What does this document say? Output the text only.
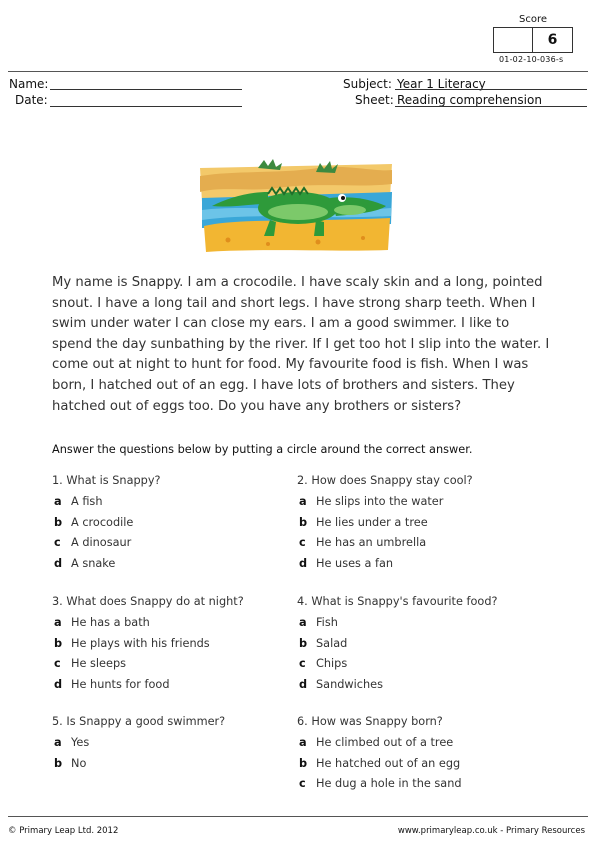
Score
6
01-02-10-036-s
Name:
Date:
Subject: Year 1 Literacy
Sheet: Reading comprehension
My name is Snappy. I am a crocodile. I have scaly skin and a long, pointed snout. I have a long tail and short legs. I have strong sharp teeth. When I swim under water I can close my ears. I am a good swimmer. I like to spend the day sunbathing by the river. If I get too hot I slip into the water. I come out at night to hunt for food. My favourite food is fish. When I was born, I hatched out of an egg. I have lots of brothers and sisters. They hatched out of eggs too. Do you have any brothers or sisters?
Answer the questions below by putting a circle around the correct answer.
1. What is Snappy?
a A fish
b A crocodile
c A dinosaur
d A snake
2. How does Snappy stay cool?
a He slips into the water
b He lies under a tree
c He has an umbrella
d He uses a fan
3. What does Snappy do at night?
a He has a bath
b He plays with his friends
c He sleeps
d He hunts for food
4. What is Snappy's favourite food?
a Fish
b Salad
c Chips
d Sandwiches
5. Is Snappy a good swimmer?
a Yes
b No
6. How was Snappy born?
a He climbed out of a tree
b He hatched out of an egg
c He dug a hole in the sand
© Primary Leap Ltd. 2012	www.primaryleap.co.uk - Primary Resources
